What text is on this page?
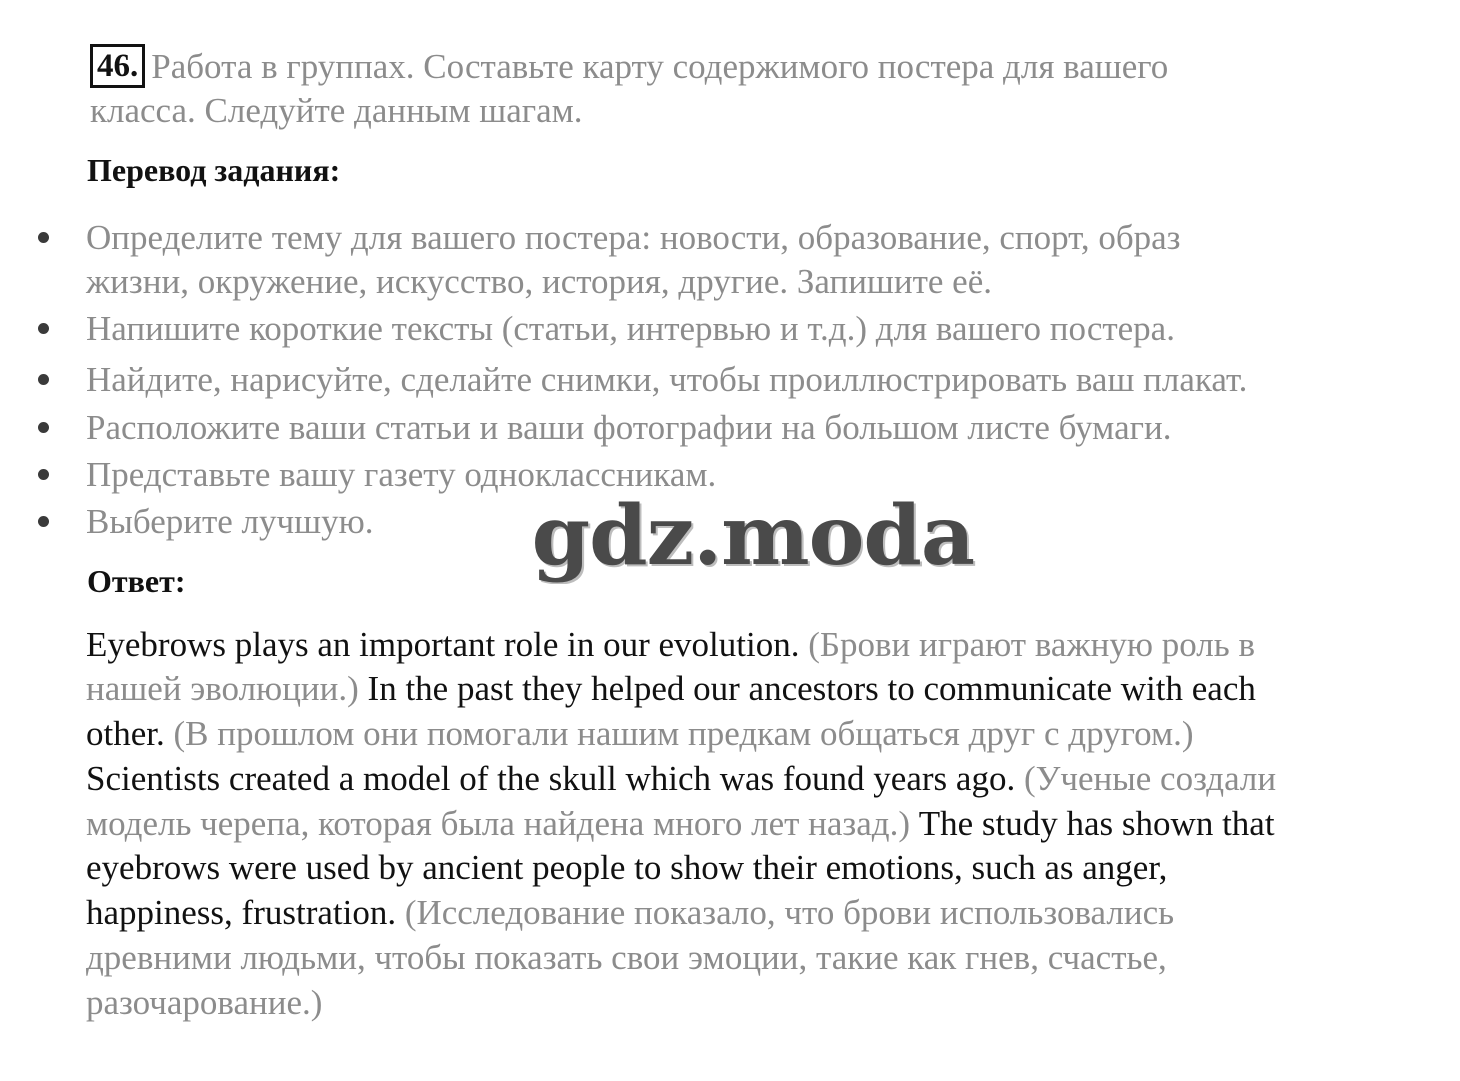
46. Работа в группах. Составьте карту содержимого постера для вашего
класса. Следуйте данным шагам.
Перевод задания:
Определите тему для вашего постера: новости, образование, спорт, образ
жизни, окружение, искусство, история, другие. Запишите её.
Напишите короткие тексты (статьи, интервью и т.д.) для вашего постера.
Найдите, нарисуйте, сделайте снимки, чтобы проиллюстрировать ваш плакат.
Расположите ваши статьи и ваши фотографии на большом листе бумаги.
Представьте вашу газету одноклассникам.
Выберите лучшую.
Ответ:
Eyebrows plays an important role in our evolution. (Брови играют важную роль в
нашей эволюции.) In the past they helped our ancestors to communicate with each
other. (В прошлом они помогали нашим предкам общаться друг с другом.)
Scientists created a model of the skull which was found years ago. (Ученые создали
модель черепа, которая была найдена много лет назад.) The study has shown that
eyebrows were used by ancient people to show their emotions, such as anger,
happiness, frustration. (Исследование показало, что брови использовались
древними людьми, чтобы показать свои эмоции, такие как гнев, счастье,
разочарование.)
gdz.moda
